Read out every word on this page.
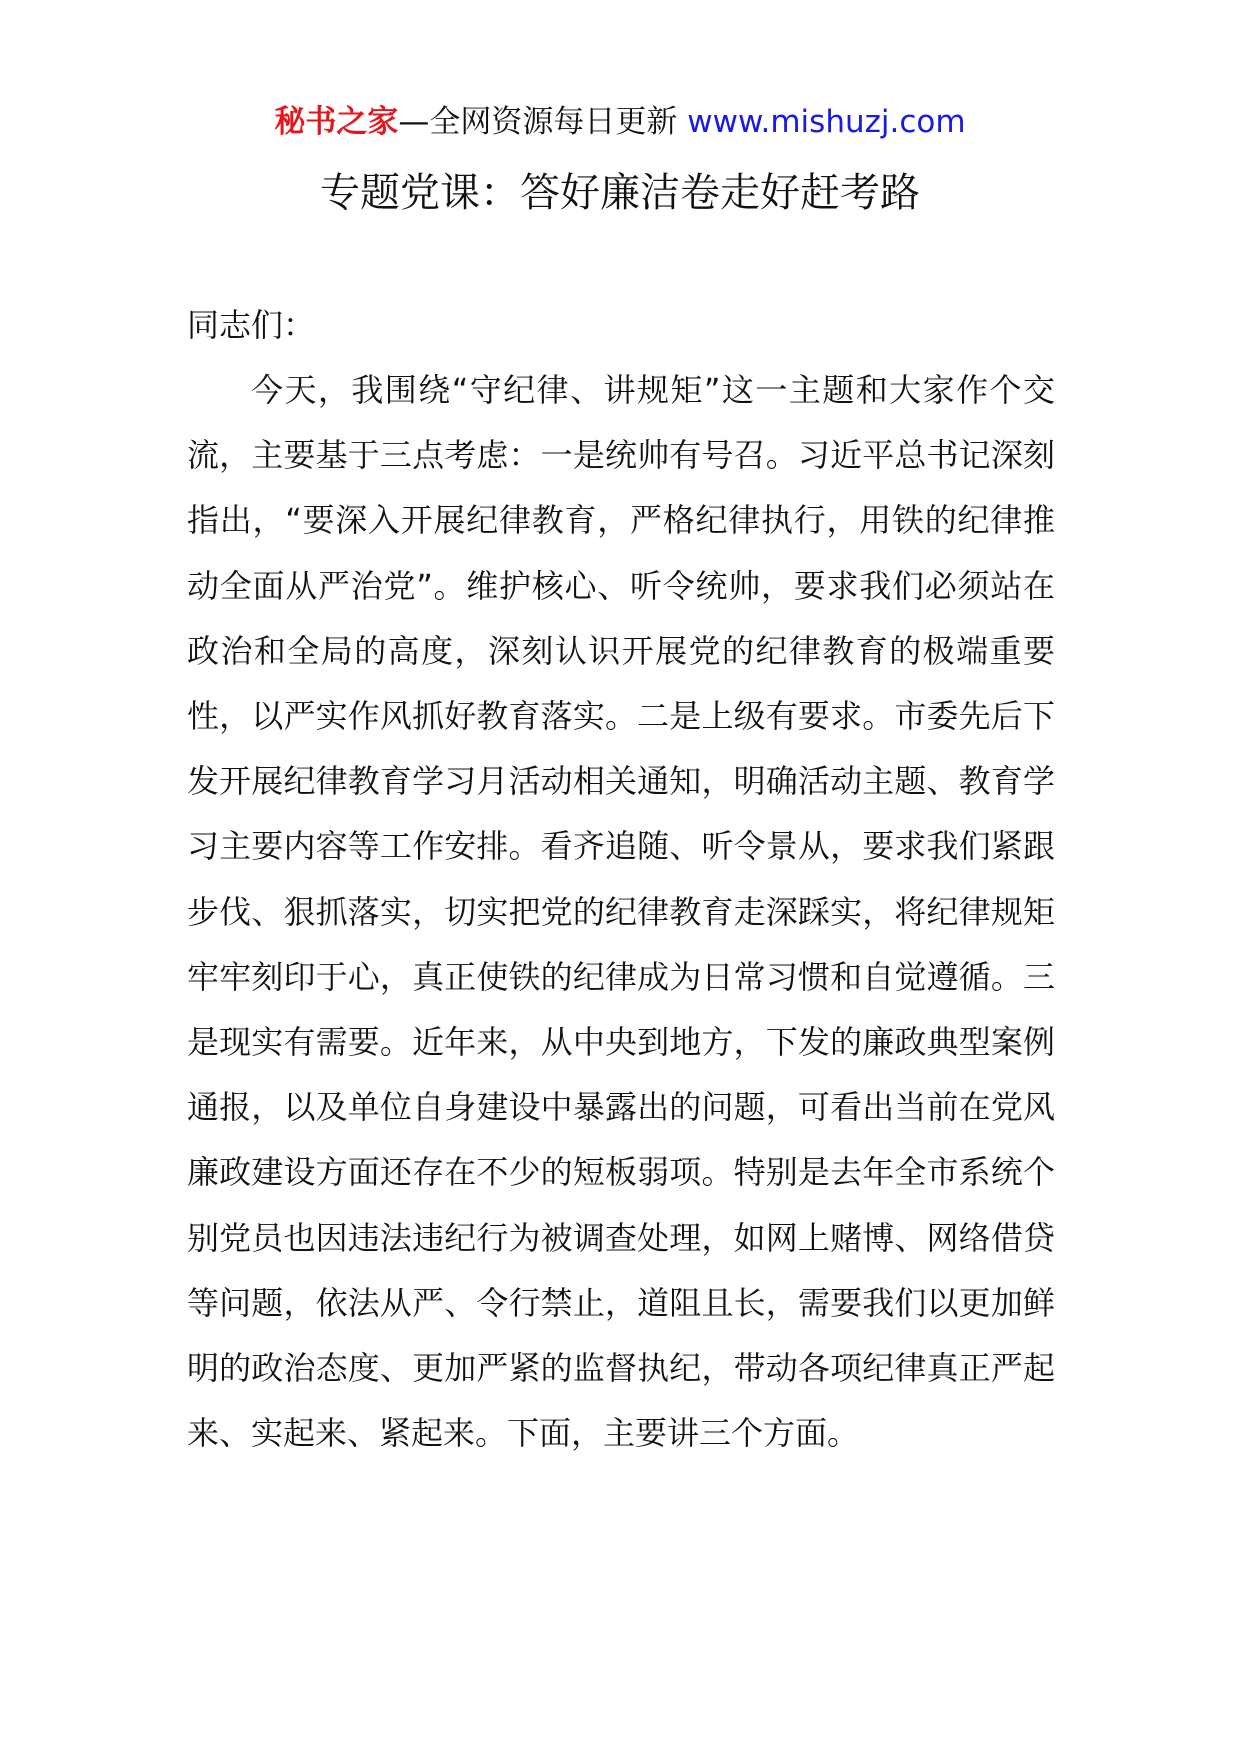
秘书之家—全网资源每日更新 www.mishuzj.com
专题党课：答好廉洁卷走好赶考路

同志们：

今天，我围绕“守纪律、讲规矩”这一主题和大家作个交流，主要基于三点考虑：一是统帅有号召。习近平总书记深刻指出，“要深入开展纪律教育，严格纪律执行，用铁的纪律推动全面从严治党”。维护核心、听令统帅，要求我们必须站在政治和全局的高度，深刻认识开展党的纪律教育的极端重要性，以严实作风抓好教育落实。二是上级有要求。市委先后下发开展纪律教育学习月活动相关通知，明确活动主题、教育学习主要内容等工作安排。看齐追随、听令景从，要求我们紧跟步伐、狠抓落实，切实把党的纪律教育走深踩实，将纪律规矩牢牢刻印于心，真正使铁的纪律成为日常习惯和自觉遵循。三是现实有需要。近年来，从中央到地方，下发的廉政典型案例通报，以及单位自身建设中暴露出的问题，可看出当前在党风廉政建设方面还存在不少的短板弱项。特别是去年全市系统个别党员也因违法违纪行为被调查处理，如网上赌博、网络借贷等问题，依法从严、令行禁止，道阻且长，需要我们以更加鲜明的政治态度、更加严紧的监督执纪，带动各项纪律真正严起来、实起来、紧起来。下面，主要讲三个方面。
